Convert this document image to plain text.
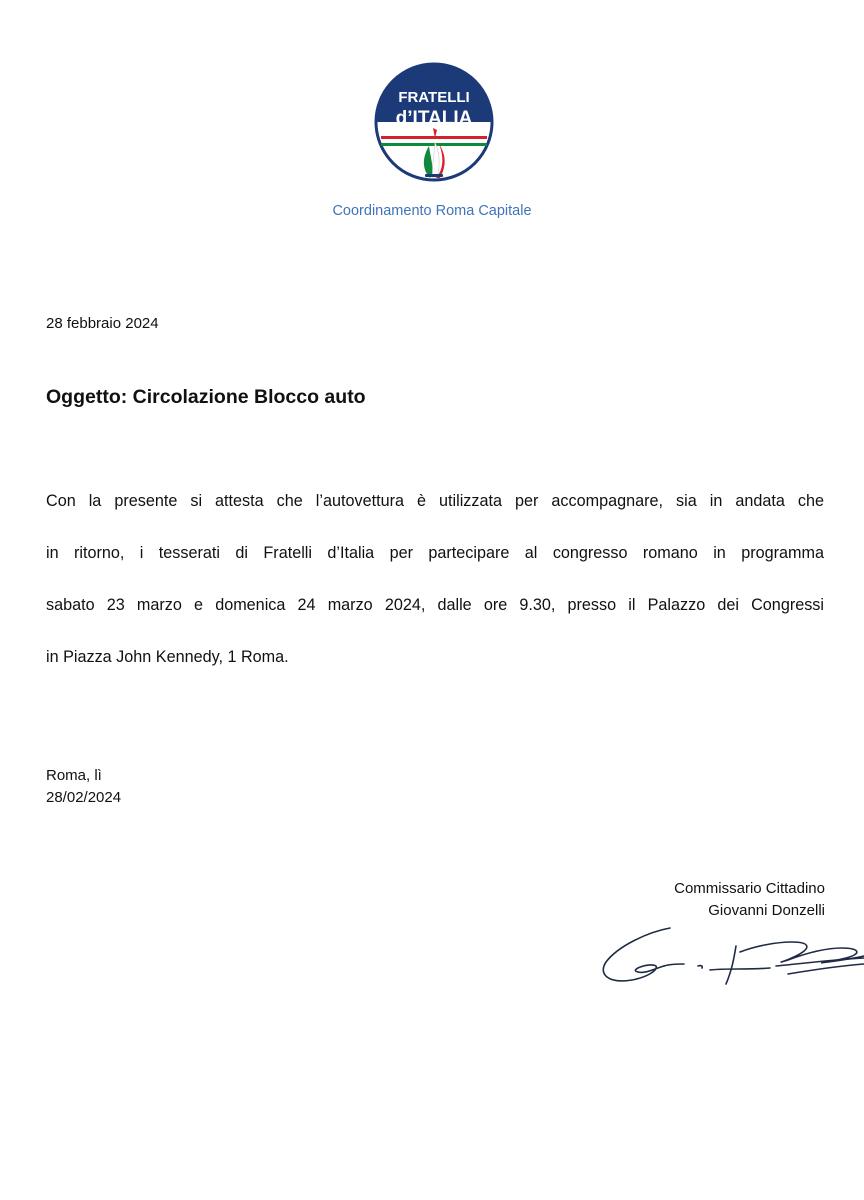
FRATELLI
d’ITALIA
Coordinamento Roma Capitale
28 febbraio 2024
Oggetto: Circolazione Blocco auto
Con la presente si attesta che l’autovettura è utilizzata per accompagnare, sia in andata che
in ritorno, i tesserati di Fratelli d’Italia per partecipare al congresso romano in programma
sabato 23 marzo e domenica 24 marzo 2024, dalle ore 9.30, presso il Palazzo dei Congressi
in Piazza John Kennedy, 1 Roma.
Roma, lì
28/02/2024
Commissario Cittadino
Giovanni Donzelli
